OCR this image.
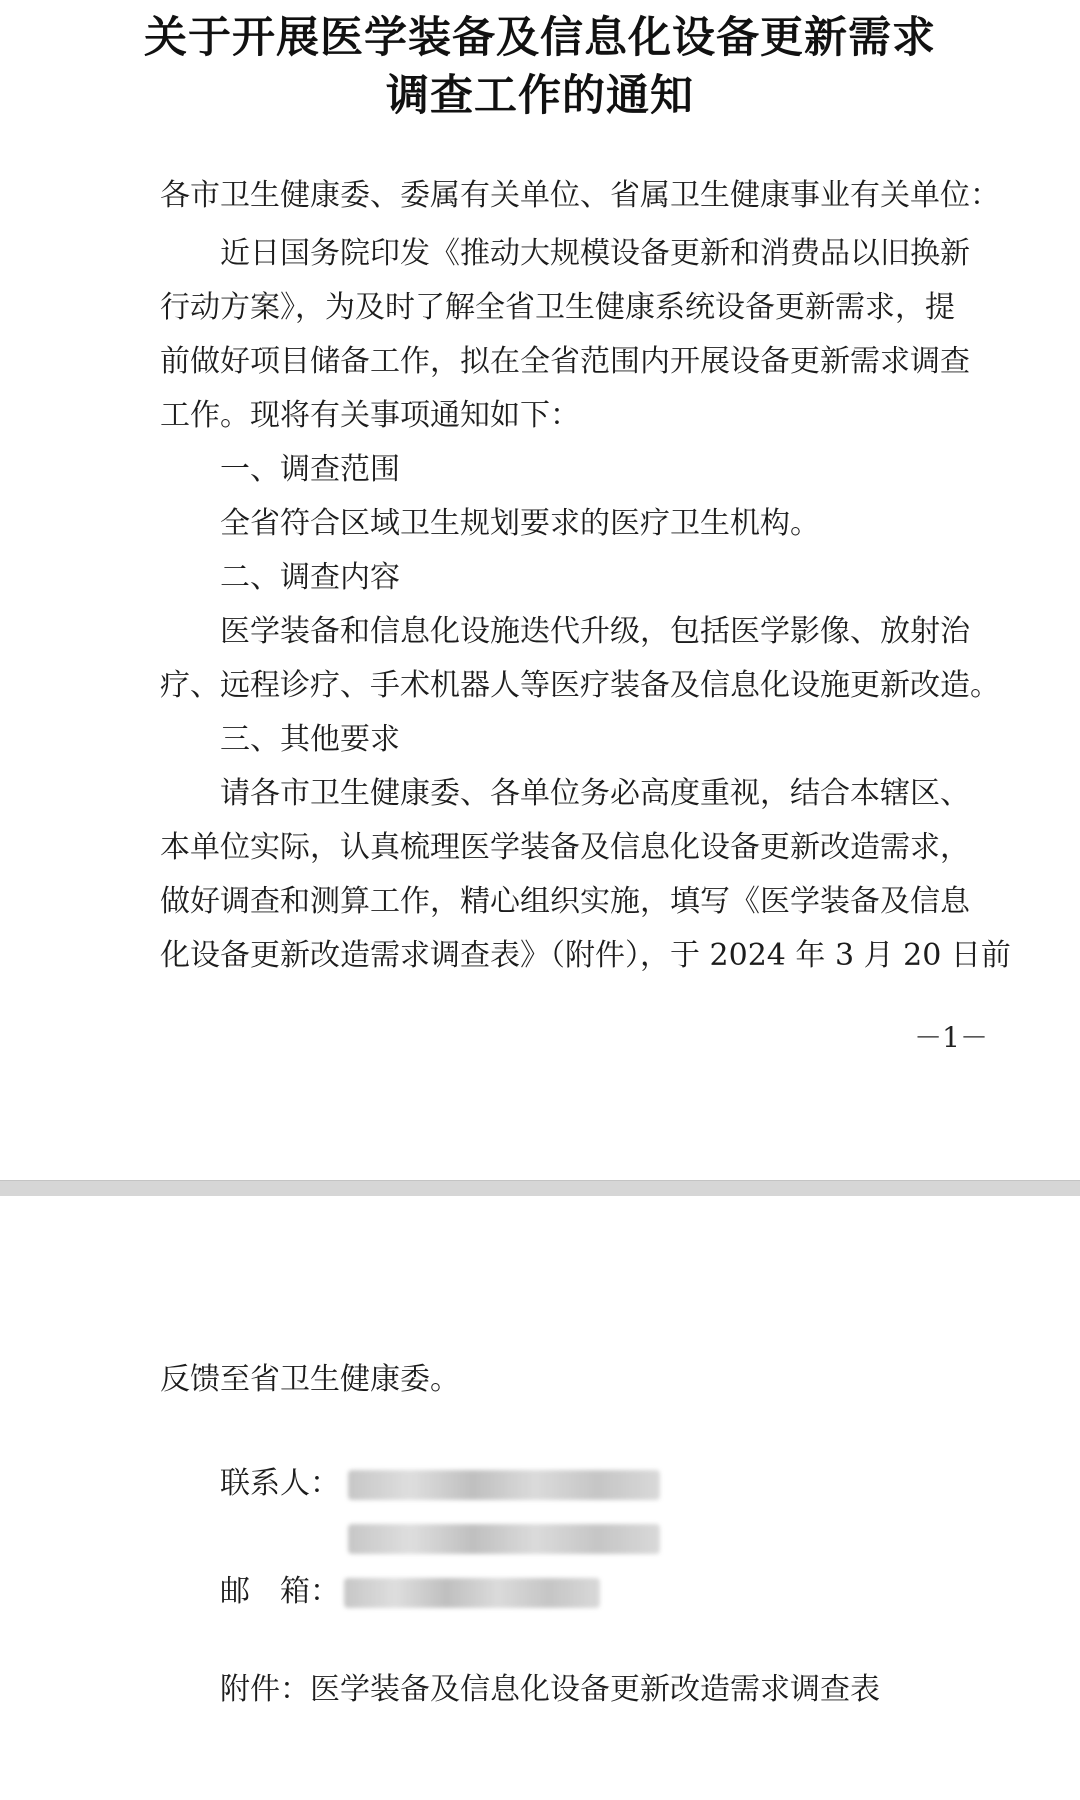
关于开展医学装备及信息化设备更新需求
调查工作的通知
各市卫生健康委、委属有关单位、省属卫生健康事业有关单位：
近日国务院印发《推动大规模设备更新和消费品以旧换新
行动方案》，为及时了解全省卫生健康系统设备更新需求，提
前做好项目储备工作，拟在全省范围内开展设备更新需求调查
工作。现将有关事项通知如下：
一、调查范围
全省符合区域卫生规划要求的医疗卫生机构。
二、调查内容
医学装备和信息化设施迭代升级，包括医学影像、放射治
疗、远程诊疗、手术机器人等医疗装备及信息化设施更新改造。
三、其他要求
请各市卫生健康委、各单位务必高度重视，结合本辖区、
本单位实际，认真梳理医学装备及信息化设备更新改造需求，
做好调查和测算工作，精心组织实施，填写《医学装备及信息
化设备更新改造需求调查表》（附件），于 2024 年 3 月 20 日前
－1－
反馈至省卫生健康委。
联系人：
邮　箱：
附件：医学装备及信息化设备更新改造需求调查表
